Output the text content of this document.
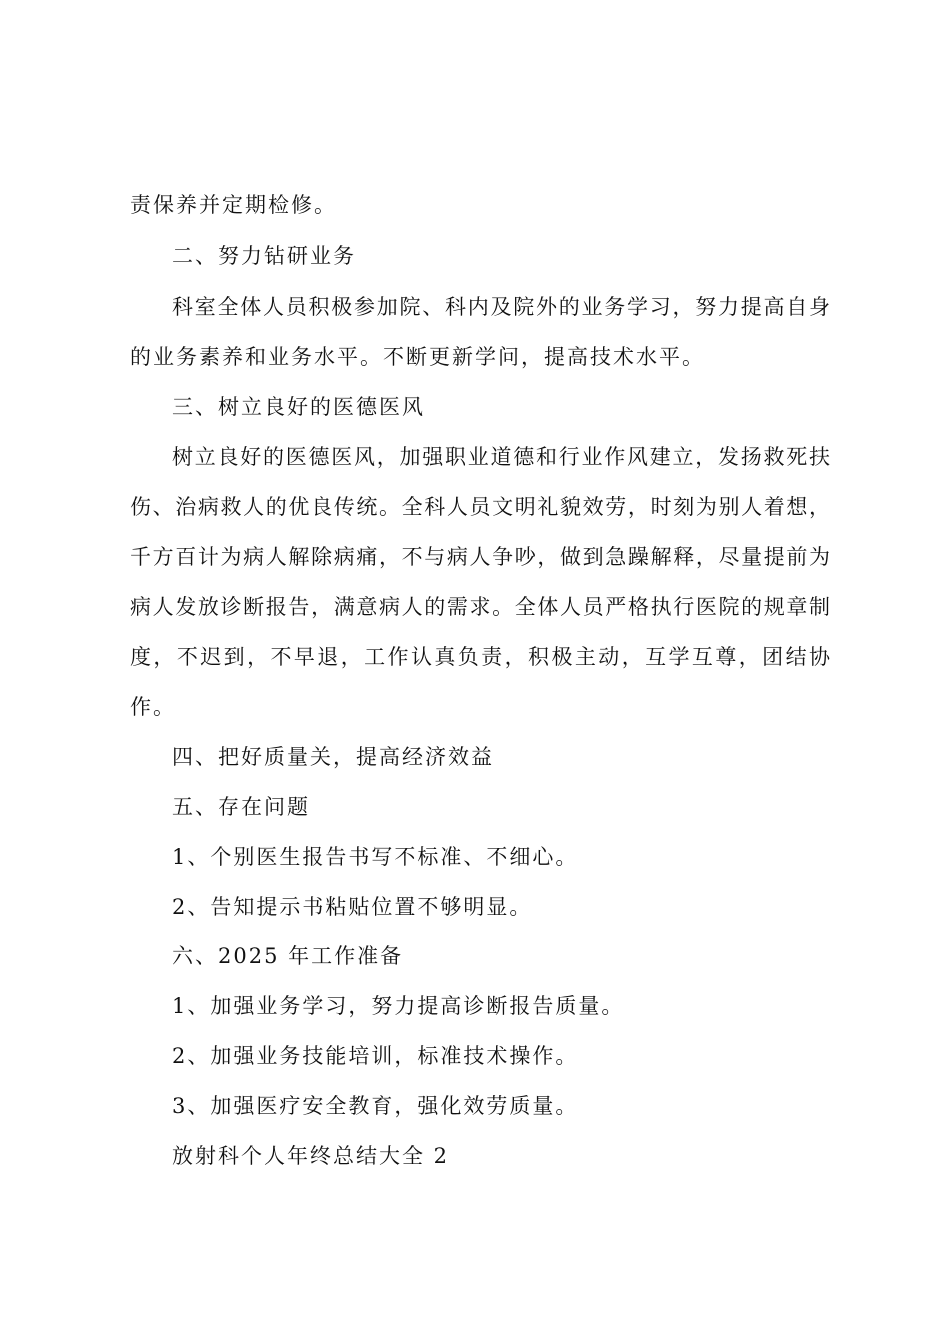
责保养并定期检修。
二、努力钻研业务
科室全体人员积极参加院、科内及院外的业务学习，努力提高自身
的业务素养和业务水平。不断更新学问，提高技术水平。
三、树立良好的医德医风
树立良好的医德医风，加强职业道德和行业作风建立，发扬救死扶
伤、治病救人的优良传统。全科人员文明礼貌效劳，时刻为别人着想，
千方百计为病人解除病痛，不与病人争吵，做到急躁解释，尽量提前为
病人发放诊断报告，满意病人的需求。全体人员严格执行医院的规章制
度，不迟到，不早退，工作认真负责，积极主动，互学互尊，团结协
作。
四、把好质量关，提高经济效益
五、存在问题
1、个别医生报告书写不标准、不细心。
2、告知提示书粘贴位置不够明显。
六、2025 年工作准备
1、加强业务学习，努力提高诊断报告质量。
2、加强业务技能培训，标准技术操作。
3、加强医疗安全教育，强化效劳质量。
放射科个人年终总结大全 2
